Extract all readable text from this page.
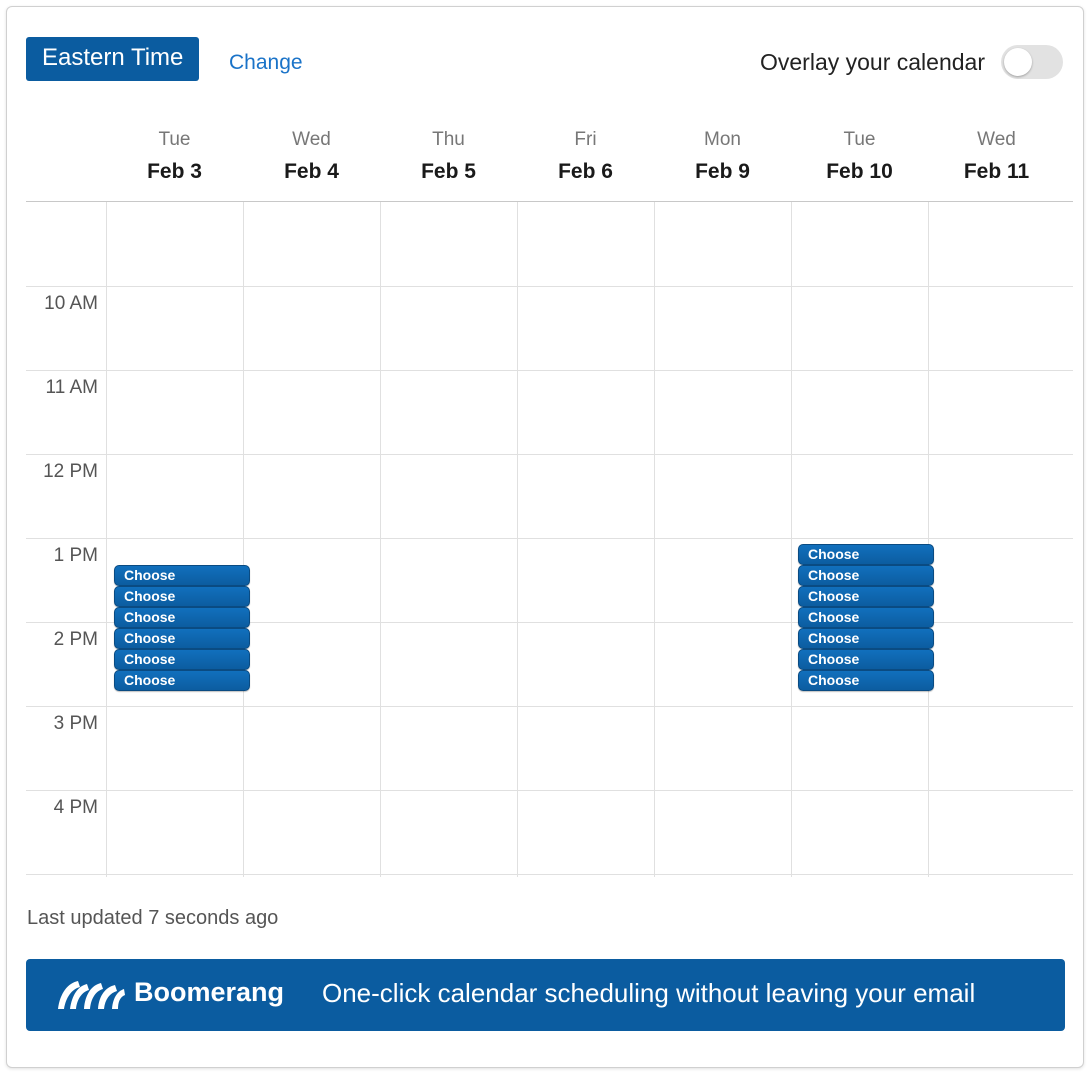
Eastern Time	Change	Overlay your calendar
Tue
Feb 3
Wed
Feb 4
Thu
Feb 5
Fri
Feb 6
Mon
Feb 9
Tue
Feb 10
Wed
Feb 11
10 AM
11 AM
12 PM
1 PM
2 PM
3 PM
4 PM
Choose
Choose
Choose
Choose
Choose
Choose
Choose
Choose
Choose
Choose
Choose
Choose
Choose
Last updated 7 seconds ago
Boomerang One-click calendar scheduling without leaving your email
